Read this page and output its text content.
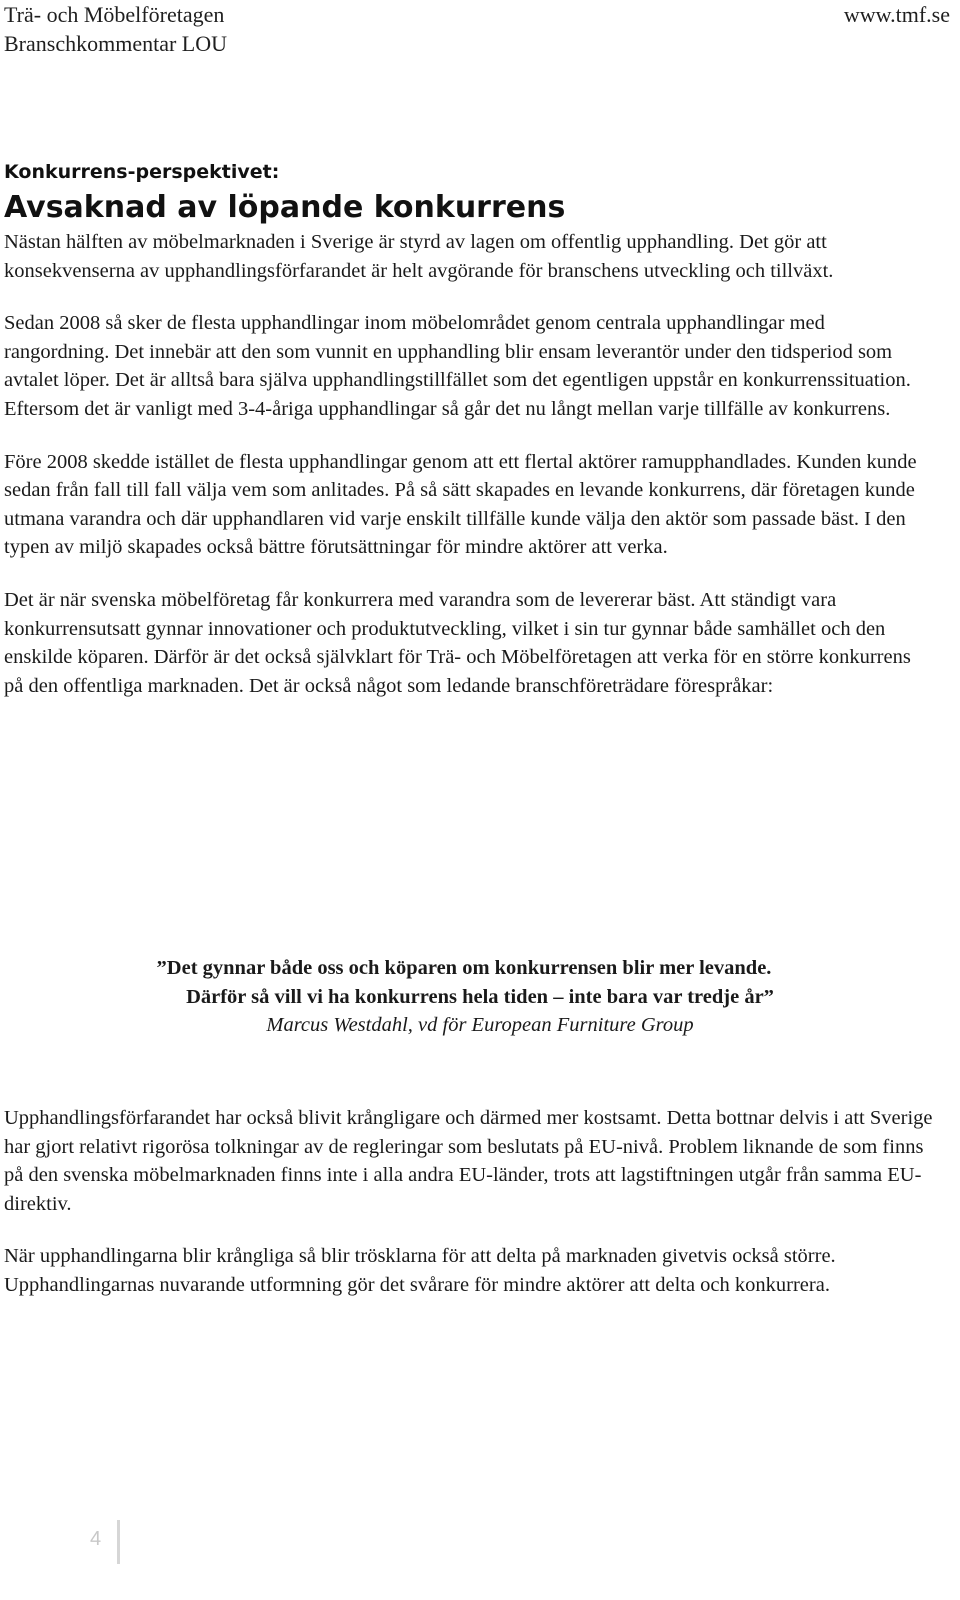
Trä- och Möbelföretagen
Branschkommentar LOU
www.tmf.se
Konkurrens-perspektivet:
Avsaknad av löpande konkurrens

Nästan hälften av möbelmarknaden i Sverige är styrd av lagen om offentlig upphandling. Det gör att konsekvenserna av upphandlingsförfarandet är helt avgörande för branschens utveckling och tillväxt.

Sedan 2008 så sker de flesta upphandlingar inom möbelområdet genom centrala upphandlingar med rangordning. Det innebär att den som vunnit en upphandling blir ensam leverantör under den tidsperiod som avtalet löper. Det är alltså bara själva upphandlingstillfället som det egentligen uppstår en konkurrenssituation. Eftersom det är vanligt med 3-4-åriga upphandlingar så går det nu långt mellan varje tillfälle av konkurrens.

Före 2008 skedde istället de flesta upphandlingar genom att ett flertal aktörer ramupphandlades. Kunden kunde sedan från fall till fall välja vem som anlitades. På så sätt skapades en levande konkurrens, där företagen kunde utmana varandra och där upphandlaren vid varje enskilt tillfälle kunde välja den aktör som passade bäst. I den typen av miljö skapades också bättre förutsättningar för mindre aktörer att verka.

Det är när svenska möbelföretag får konkurrera med varandra som de levererar bäst. Att ständigt vara konkurrensutsatt gynnar innovationer och produktutveckling, vilket i sin tur gynnar både samhället och den enskilde köparen. Därför är det också självklart för Trä- och Möbelföretagen att verka för en större konkurrens på den offentliga marknaden. Det är också något som ledande branschföreträdare förespråkar:

”Det gynnar både oss och köparen om konkurrensen blir mer levande.
Därför så vill vi ha konkurrens hela tiden – inte bara var tredje år”
Marcus Westdahl, vd för European Furniture Group

Upphandlingsförfarandet har också blivit krångligare och därmed mer kostsamt. Detta bottnar delvis i att Sverige har gjort relativt rigorösa tolkningar av de regleringar som beslutats på EU-nivå. Problem liknande de som finns på den svenska möbelmarknaden finns inte i alla andra EU-länder, trots att lagstiftningen utgår från samma EU-direktiv.

När upphandlingarna blir krångliga så blir trösklarna för att delta på marknaden givetvis också större. Upphandlingarnas nuvarande utformning gör det svårare för mindre aktörer att delta och konkurrera.

4
